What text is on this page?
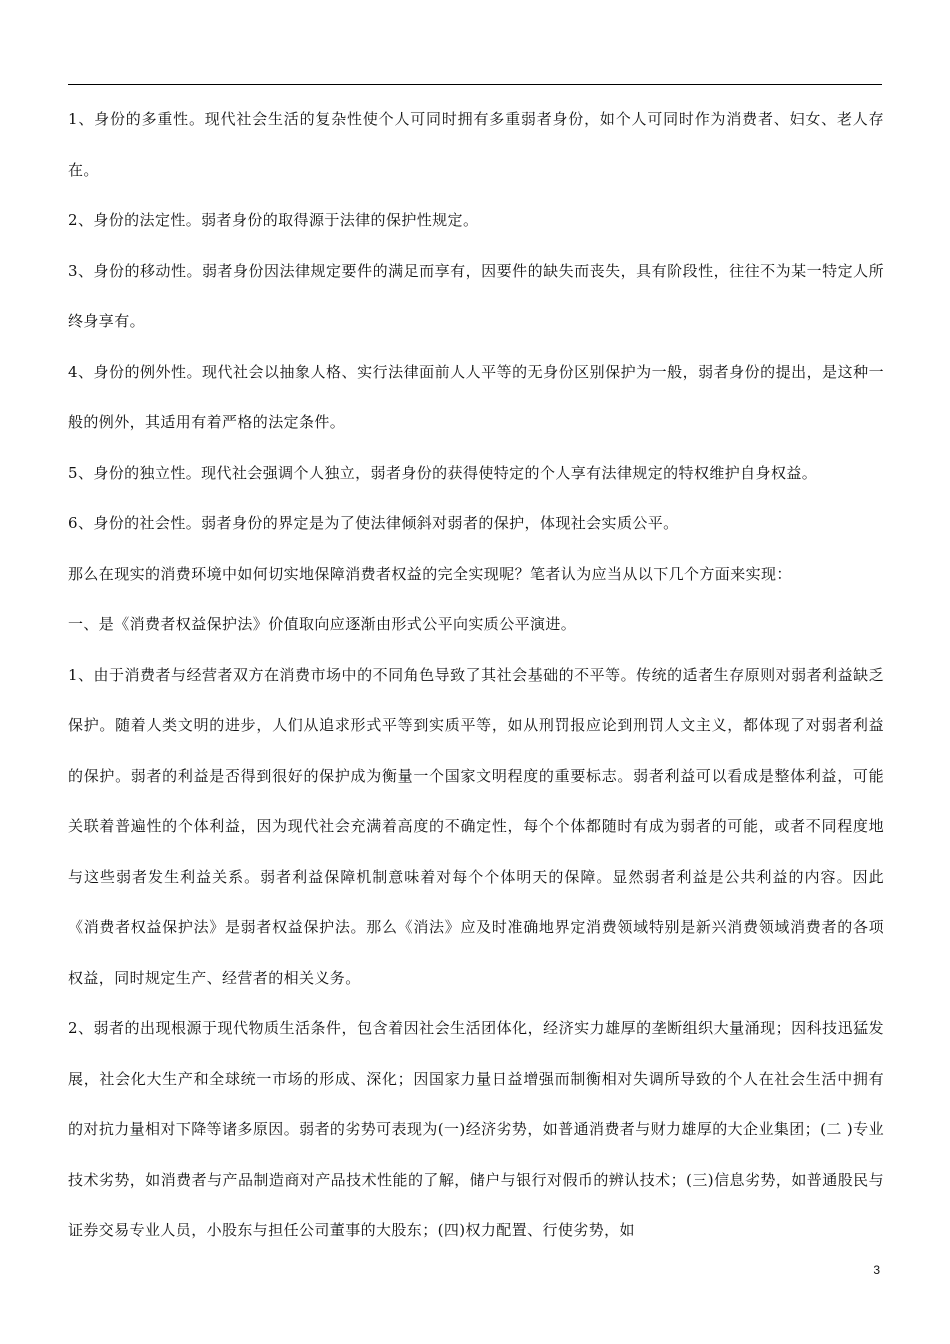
1、身份的多重性。现代社会生活的复杂性使个人可同时拥有多重弱者身份，如个人可同时作为消费者、妇女、老人存在。

2、身份的法定性。弱者身份的取得源于法律的保护性规定。

3、身份的移动性。弱者身份因法律规定要件的满足而享有，因要件的缺失而丧失，具有阶段性，往往不为某一特定人所终身享有。

4、身份的例外性。现代社会以抽象人格、实行法律面前人人平等的无身份区别保护为一般，弱者身份的提出，是这种一般的例外，其适用有着严格的法定条件。

5、身份的独立性。现代社会强调个人独立，弱者身份的获得使特定的个人享有法律规定的特权维护自身权益。

6、身份的社会性。弱者身份的界定是为了使法律倾斜对弱者的保护，体现社会实质公平。

那么在现实的消费环境中如何切实地保障消费者权益的完全实现呢？笔者认为应当从以下几个方面来实现：

一、是《消费者权益保护法》价值取向应逐渐由形式公平向实质公平演进。

1、由于消费者与经营者双方在消费市场中的不同角色导致了其社会基础的不平等。传统的适者生存原则对弱者利益缺乏保护。随着人类文明的进步，人们从追求形式平等到实质平等，如从刑罚报应论到刑罚人文主义，都体现了对弱者利益的保护。弱者的利益是否得到很好的保护成为衡量一个国家文明程度的重要标志。弱者利益可以看成是整体利益，可能关联着普遍性的个体利益，因为现代社会充满着高度的不确定性，每个个体都随时有成为弱者的可能，或者不同程度地与这些弱者发生利益关系。弱者利益保障机制意味着对每个个体明天的保障。显然弱者利益是公共利益的内容。因此《消费者权益保护法》是弱者权益保护法。那么《消法》应及时准确地界定消费领域特别是新兴消费领域消费者的各项权益，同时规定生产、经营者的相关义务。

2、弱者的出现根源于现代物质生活条件，包含着因社会生活团体化，经济实力雄厚的垄断组织大量涌现；因科技迅猛发展，社会化大生产和全球统一市场的形成、深化；因国家力量日益增强而制衡相对失调所导致的个人在社会生活中拥有的对抗力量相对下降等诸多原因。弱者的劣势可表现为(一)经济劣势，如普通消费者与财力雄厚的大企业集团；(二 )专业技术劣势，如消费者与产品制造商对产品技术性能的了解，储户与银行对假币的辨认技术；(三)信息劣势，如普通股民与证券交易专业人员，小股东与担任公司董事的大股东；(四)权力配置、行使劣势，如

3
